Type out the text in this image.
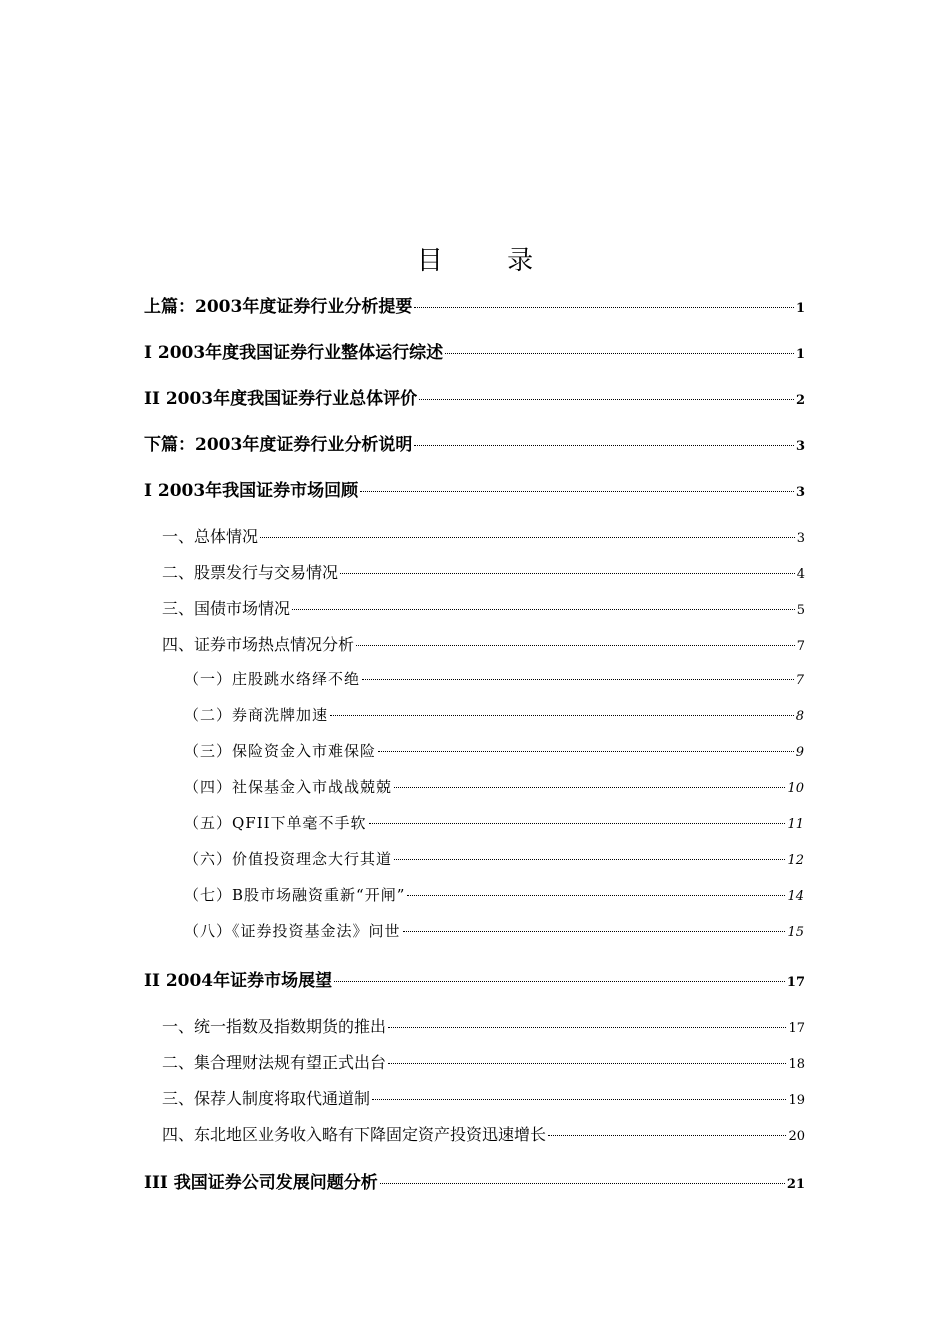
目 录
上篇：2003年度证券行业分析提要	1
I 2003年度我国证券行业整体运行综述	1
II 2003年度我国证券行业总体评价	2
下篇：2003年度证券行业分析说明	3
I 2003年我国证券市场回顾	3
一、总体情况	3
二、股票发行与交易情况	4
三、国债市场情况	5
四、证券市场热点情况分析	7
（一）庄股跳水络绎不绝	7
（二）券商洗牌加速	8
（三）保险资金入市难保险	9
（四）社保基金入市战战兢兢	10
（五）QFII下单毫不手软	11
（六）价值投资理念大行其道	12
（七）B股市场融资重新“开闸”	14
（八）《证券投资基金法》问世	15
II 2004年证券市场展望	17
一、统一指数及指数期货的推出	17
二、集合理财法规有望正式出台	18
三、保荐人制度将取代通道制	19
四、东北地区业务收入略有下降固定资产投资迅速增长	20
III 我国证券公司发展问题分析	21
